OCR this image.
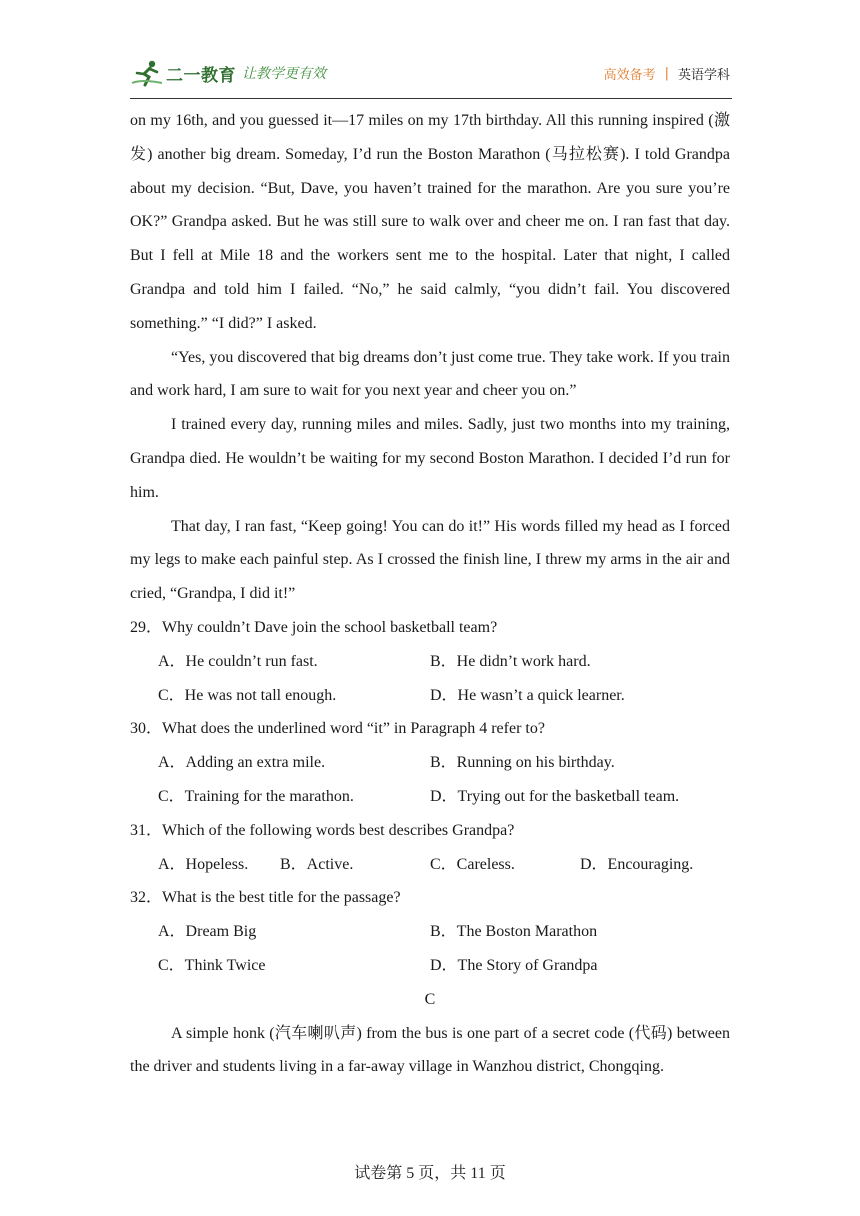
二一教育 让教学更有效	高效备考 | 英语学科

on my 16th, and you guessed it—17 miles on my 17th birthday. All this running inspired (激发) another big dream. Someday, I’d run the Boston Marathon (马拉松赛). I told Grandpa about my decision. “But, Dave, you haven’t trained for the marathon. Are you sure you’re OK?” Grandpa asked. But he was still sure to walk over and cheer me on. I ran fast that day. But I fell at Mile 18 and the workers sent me to the hospital. Later that night, I called Grandpa and told him I failed. “No,” he said calmly, “you didn’t fail. You discovered something.” “I did?” I asked.

“Yes, you discovered that big dreams don’t just come true. They take work. If you train and work hard, I am sure to wait for you next year and cheer you on.”

I trained every day, running miles and miles. Sadly, just two months into my training, Grandpa died. He wouldn’t be waiting for my second Boston Marathon. I decided I’d run for him.

That day, I ran fast, “Keep going! You can do it!” His words filled my head as I forced my legs to make each painful step. As I crossed the finish line, I threw my arms in the air and cried, “Grandpa, I did it!”

29．Why couldn’t Dave join the school basketball team?

A．He couldn’t run fast.	B．He didn’t work hard.
C．He was not tall enough.	D．He wasn’t a quick learner.

30．What does the underlined word “it” in Paragraph 4 refer to?

A．Adding an extra mile.	B．Running on his birthday.
C．Training for the marathon.	D．Trying out for the basketball team.

31．Which of the following words best describes Grandpa?

A．Hopeless.	B．Active.	C．Careless.	D．Encouraging.

32．What is the best title for the passage?

A．Dream Big	B．The Boston Marathon
C．Think Twice	D．The Story of Grandpa

C

A simple honk (汽车喇叭声) from the bus is one part of a secret code (代码) between the driver and students living in a far-away village in Wanzhou district, Chongqing.

试卷第 5 页，共 11 页
